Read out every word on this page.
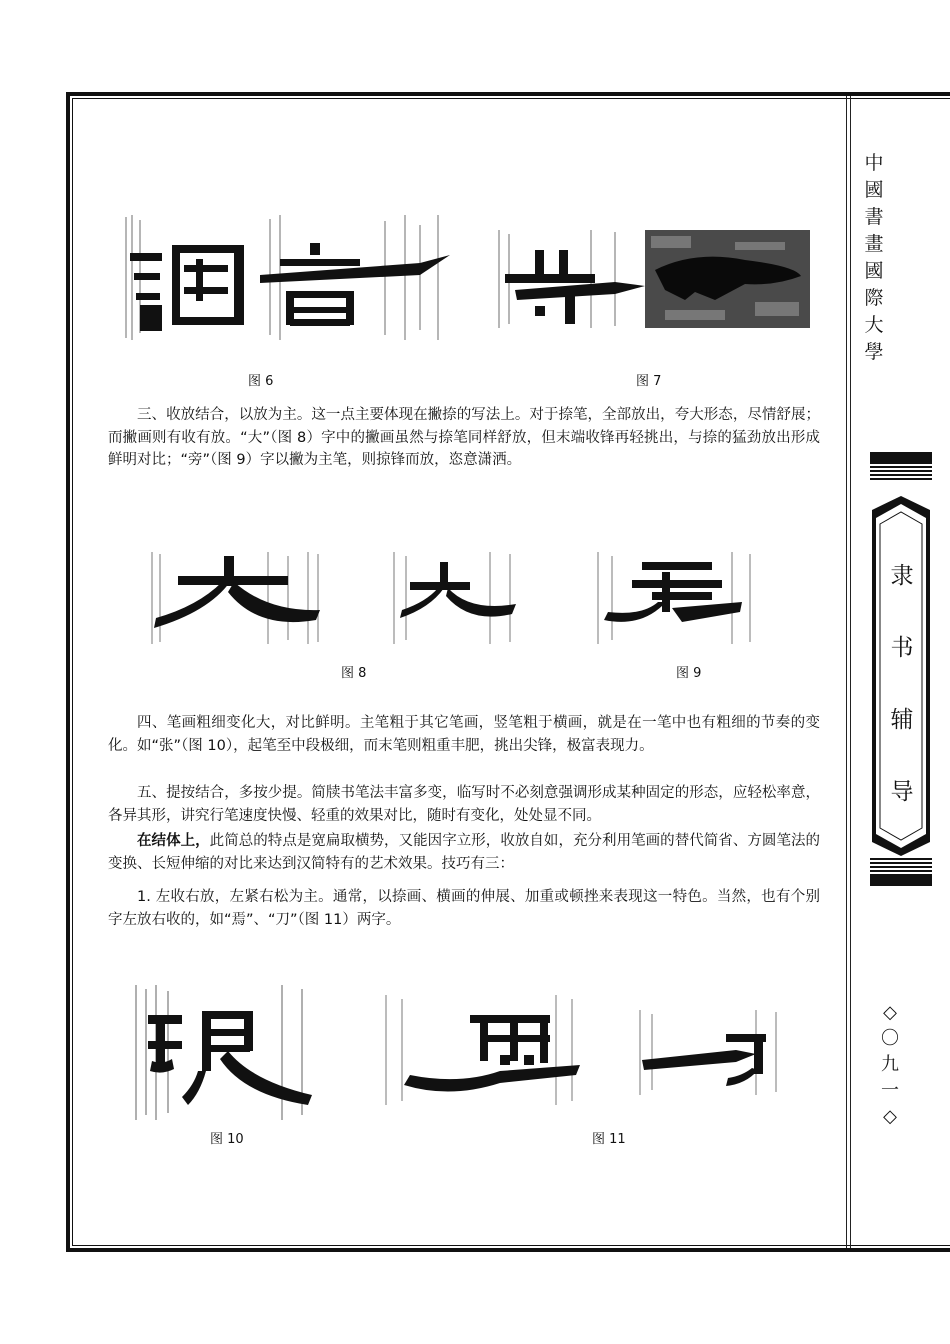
中
國
書
畫
國
際
大
學
隶
书
辅
导
◇
〇
九
一
◇
图 6	图 7
三、收放结合，以放为主。这一点主要体现在撇捺的写法上。对于捺笔，全部放出，夸大形态，尽情舒展；而撇画则有收有放。“大”（图 8）字中的撇画虽然与捺笔同样舒放，但末端收锋再轻挑出，与捺的猛劲放出形成鲜明对比；“旁”（图 9）字以撇为主笔，则掠锋而放，恣意潇洒。
图 8	图 9
四、笔画粗细变化大，对比鲜明。主笔粗于其它笔画，竖笔粗于横画，就是在一笔中也有粗细的节奏的变化。如“张”（图 10），起笔至中段极细，而末笔则粗重丰肥，挑出尖锋，极富表现力。
五、提按结合，多按少提。简牍书笔法丰富多变，临写时不必刻意强调形成某种固定的形态，应轻松率意，各异其形，讲究行笔速度快慢、轻重的效果对比，随时有变化，处处显不同。
在结体上，此简总的特点是宽扁取横势，又能因字立形，收放自如，充分利用笔画的替代简省、方圆笔法的变换、长短伸缩的对比来达到汉简特有的艺术效果。技巧有三：
1. 左收右放，左紧右松为主。通常，以捺画、横画的伸展、加重或顿挫来表现这一特色。当然，也有个别字左放右收的，如“焉”、“刀”（图 11）两字。
图 10	图 11
